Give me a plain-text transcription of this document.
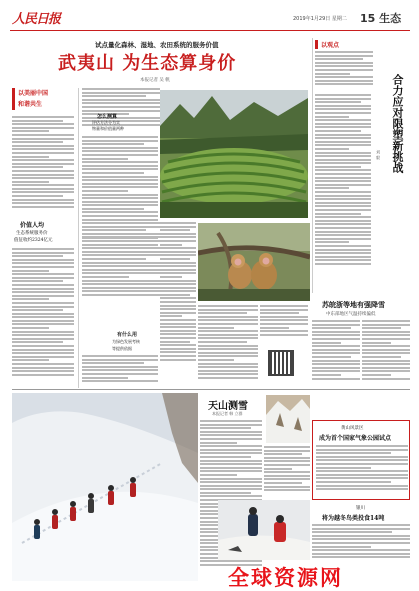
人民日报	2019年1月29日 星期二 15 生态
试点量化森林、湿地、农田系统的服务价值
武夷山 为生态算身价
本报记者 吴 帆
以美丽中国
和谐共生
价值人均
生态系统服务价
值征收约2324亿元
怎么测算
评估方法分为实
物量和价值量两种
有什么用
为绿色发展考核
等提供依据
以观点
合力应对限塑新挑战
刘 毅
苏皖浙等地有强降雪
中东部地区气温持续偏低
天山测雪
本报记者 韩 立群
黄山风景区
成为首个国家气象公园试点
银川
将为越冬鸟类投食14吨
全球资源网
